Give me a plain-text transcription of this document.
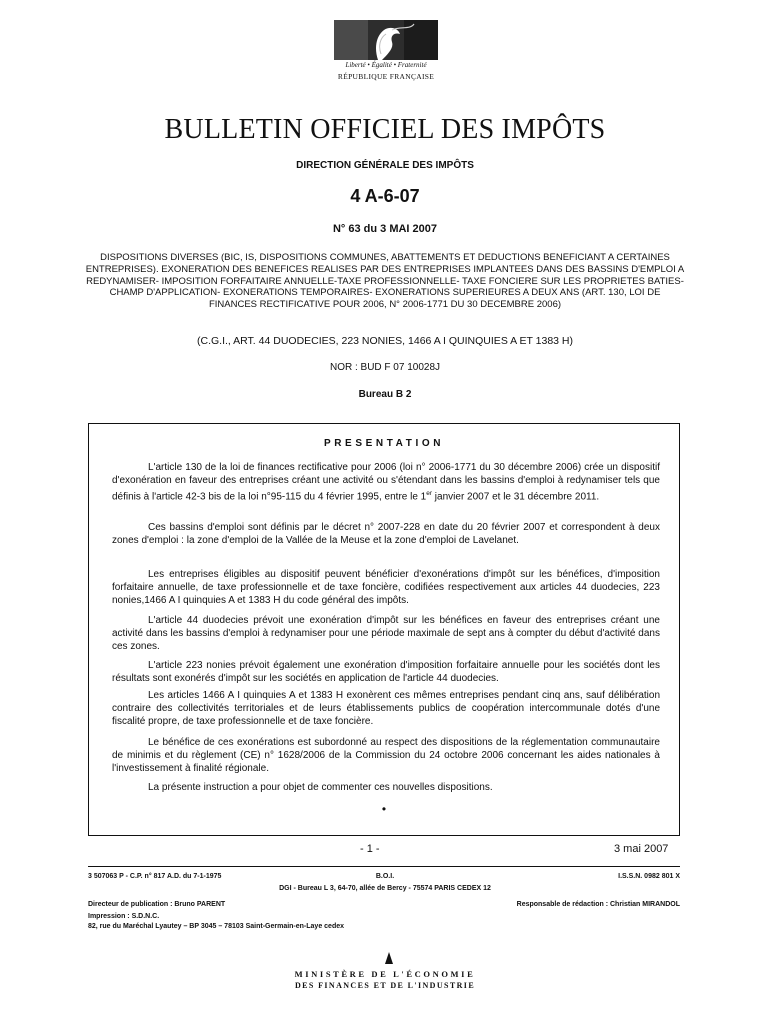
Liberté • Égalité • Fraternité
RÉPUBLIQUE FRANÇAISE
BULLETIN OFFICIEL DES IMPÔTS
DIRECTION GÉNÉRALE DES IMPÔTS
4 A-6-07
N° 63 du 3 MAI 2007
DISPOSITIONS DIVERSES (BIC, IS, DISPOSITIONS COMMUNES, ABATTEMENTS ET DEDUCTIONS BENEFICIANT A CERTAINES ENTREPRISES). EXONERATION DES BENEFICES REALISES PAR DES ENTREPRISES IMPLANTEES DANS DES BASSINS D'EMPLOI A REDYNAMISER- IMPOSITION FORFAITAIRE ANNUELLE-TAXE PROFESSIONNELLE- TAXE FONCIERE SUR LES PROPRIETES BATIES- CHAMP D'APPLICATION- EXONERATIONS TEMPORAIRES- EXONERATIONS SUPERIEURES A DEUX ANS (ART. 130, LOI DE FINANCES RECTIFICATIVE POUR 2006, N° 2006-1771 DU 30 DECEMBRE 2006)
(C.G.I., ART. 44 DUODECIES, 223 NONIES, 1466 A I QUINQUIES A ET 1383 H)
NOR : BUD F 07 10028J
Bureau B 2
PRESENTATION

L'article 130 de la loi de finances rectificative pour 2006 (loi n° 2006-1771 du 30 décembre 2006) crée un dispositif d'exonération en faveur des entreprises créant une activité ou s'étendant dans les bassins d'emploi à redynamiser tels que définis à l'article 42-3 bis de la loi n°95-115 du 4 février 1995, entre le 1er janvier 2007 et le 31 décembre 2011.

Ces bassins d'emploi sont définis par le décret n° 2007-228 en date du 20 février 2007 et correspondent à deux zones d'emploi : la zone d'emploi de la Vallée de la Meuse et la zone d'emploi de Lavelanet.

Les entreprises éligibles au dispositif peuvent bénéficier d'exonérations d'impôt sur les bénéfices, d'imposition forfaitaire annuelle, de taxe professionnelle et de taxe foncière, codifiées respectivement aux articles 44 duodecies, 223 nonies,1466 A I quinquies A et 1383 H du code général des impôts.

L'article 44 duodecies prévoit une exonération d'impôt sur les bénéfices en faveur des entreprises créant une activité dans les bassins d'emploi à redynamiser pour une période maximale de sept ans à compter du début d'activité dans ces zones.

L'article 223 nonies prévoit également une exonération d'imposition forfaitaire annuelle pour les sociétés dont les résultats sont exonérés d'impôt sur les sociétés en application de l'article 44 duodecies.

Les articles 1466 A I quinquies A et 1383 H exonèrent ces mêmes entreprises pendant cinq ans, sauf délibération contraire des collectivités territoriales et de leurs établissements publics de coopération intercommunale dotés d'une fiscalité propre, de taxe professionnelle et de taxe foncière.

Le bénéfice de ces exonérations est subordonné au respect des dispositions de la réglementation communautaire de minimis et du règlement (CE) n° 1628/2006 de la Commission du 24 octobre 2006 concernant les aides nationales à l'investissement à finalité régionale.

La présente instruction a pour objet de commenter ces nouvelles dispositions.

•
- 1 -	3 mai 2007
3 507063 P - C.P. n° 817 A.D. du 7-1-1975	B.O.I.	I.S.S.N. 0982 801 X
DGI - Bureau L 3, 64-70, allée de Bercy - 75574 PARIS CEDEX 12
Directeur de publication : Bruno PARENT	Responsable de rédaction : Christian MIRANDOL
Impression : S.D.N.C.
82, rue du Maréchal Lyautey – BP 3045 – 78103 Saint-Germain-en-Laye cedex
MINISTÈRE DE L'ÉCONOMIE
DES FINANCES ET DE L'INDUSTRIE
